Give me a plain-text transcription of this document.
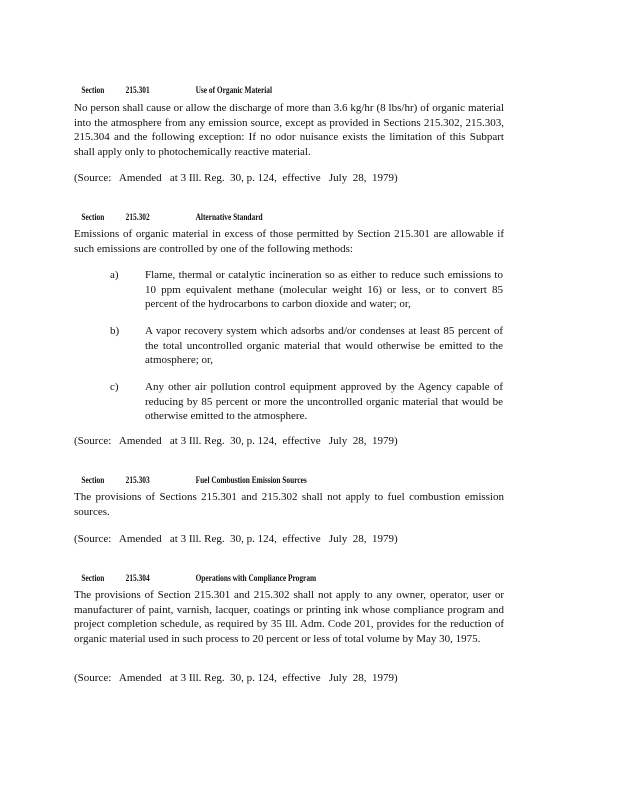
Section 215.301	Use of Organic Material

No person shall cause or allow the discharge of more than 3.6 kg/hr (8 lbs/hr) of organic material into the atmosphere from any emission source, except as provided in Sections 215.302, 215.303, 215.304 and the following exception: If no odor nuisance exists the limitation of this Subpart shall apply only to photochemically reactive material.
(Source:   Amended   at 3 Ill. Reg.  30, p. 124,  effective   July  28,  1979)

Section 215.302	Alternative Standard

Emissions of organic material in excess of those permitted by Section 215.301 are allowable if such emissions are controlled by one of the following methods:
a) Flame, thermal or catalytic incineration so as either to reduce such emissions to 10 ppm equivalent methane (molecular weight 16) or less, or to convert 85 percent of the hydrocarbons to carbon dioxide and water; or,
b) A vapor recovery system which adsorbs and/or condenses at least 85 percent of the total uncontrolled organic material that would otherwise be emitted to the atmosphere; or,
c) Any other air pollution control equipment approved by the Agency capable of reducing by 85 percent or more the uncontrolled organic material that would be otherwise emitted to the atmosphere.
(Source:   Amended   at 3 Ill. Reg.  30, p. 124,  effective   July  28,  1979)

Section 215.303	Fuel Combustion Emission Sources

The provisions of Sections 215.301 and 215.302 shall not apply to fuel combustion emission sources.
(Source:   Amended   at 3 Ill. Reg.  30, p. 124,  effective   July  28,  1979)

Section 215.304	Operations with Compliance Program

The provisions of Section 215.301 and 215.302 shall not apply to any owner, operator, user or manufacturer of paint, varnish, lacquer, coatings or printing ink whose compliance program and project completion schedule, as required by 35 Ill. Adm. Code 201, provides for the reduction of organic material used in such process to 20 percent or less of total volume by May 30, 1975.
(Source:   Amended   at 3 Ill. Reg.  30, p. 124,  effective   July  28,  1979)
